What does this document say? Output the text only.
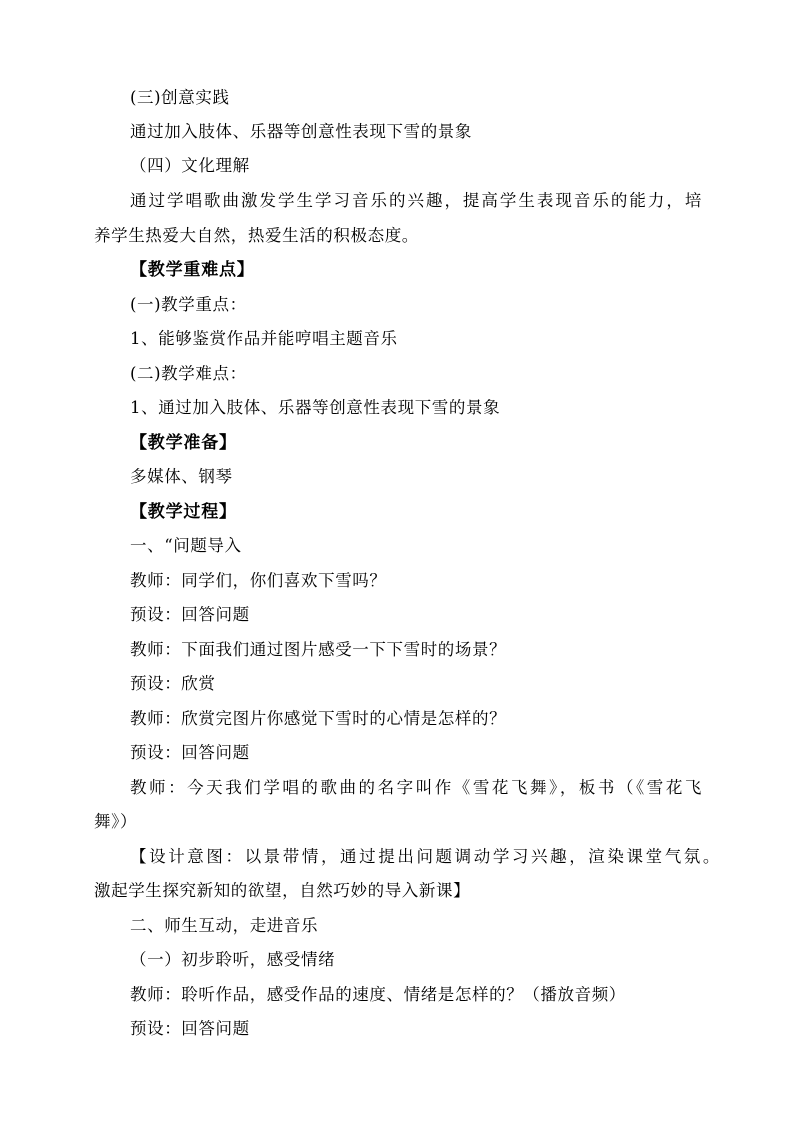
(三)创意实践
通过加入肢体、乐器等创意性表现下雪的景象
（四）文化理解
通过学唱歌曲激发学生学习音乐的兴趣，提高学生表现音乐的能力，培
养学生热爱大自然，热爱生活的积极态度。
【教学重难点】
(一)教学重点：
1、能够鉴赏作品并能哼唱主题音乐
(二)教学难点：
1、通过加入肢体、乐器等创意性表现下雪的景象
【教学准备】
多媒体、钢琴
【教学过程】
一、“问题导入
教师：同学们，你们喜欢下雪吗？
预设：回答问题
教师：下面我们通过图片感受一下下雪时的场景？
预设：欣赏
教师：欣赏完图片你感觉下雪时的心情是怎样的？
预设：回答问题
教师：今天我们学唱的歌曲的名字叫作《雪花飞舞》，板书（《雪花飞
舞》）
【设计意图：以景带情，通过提出问题调动学习兴趣，渲染课堂气氛。
激起学生探究新知的欲望，自然巧妙的导入新课】
二、师生互动，走进音乐
（一）初步聆听，感受情绪
教师：聆听作品，感受作品的速度、情绪是怎样的？（播放音频）
预设：回答问题
